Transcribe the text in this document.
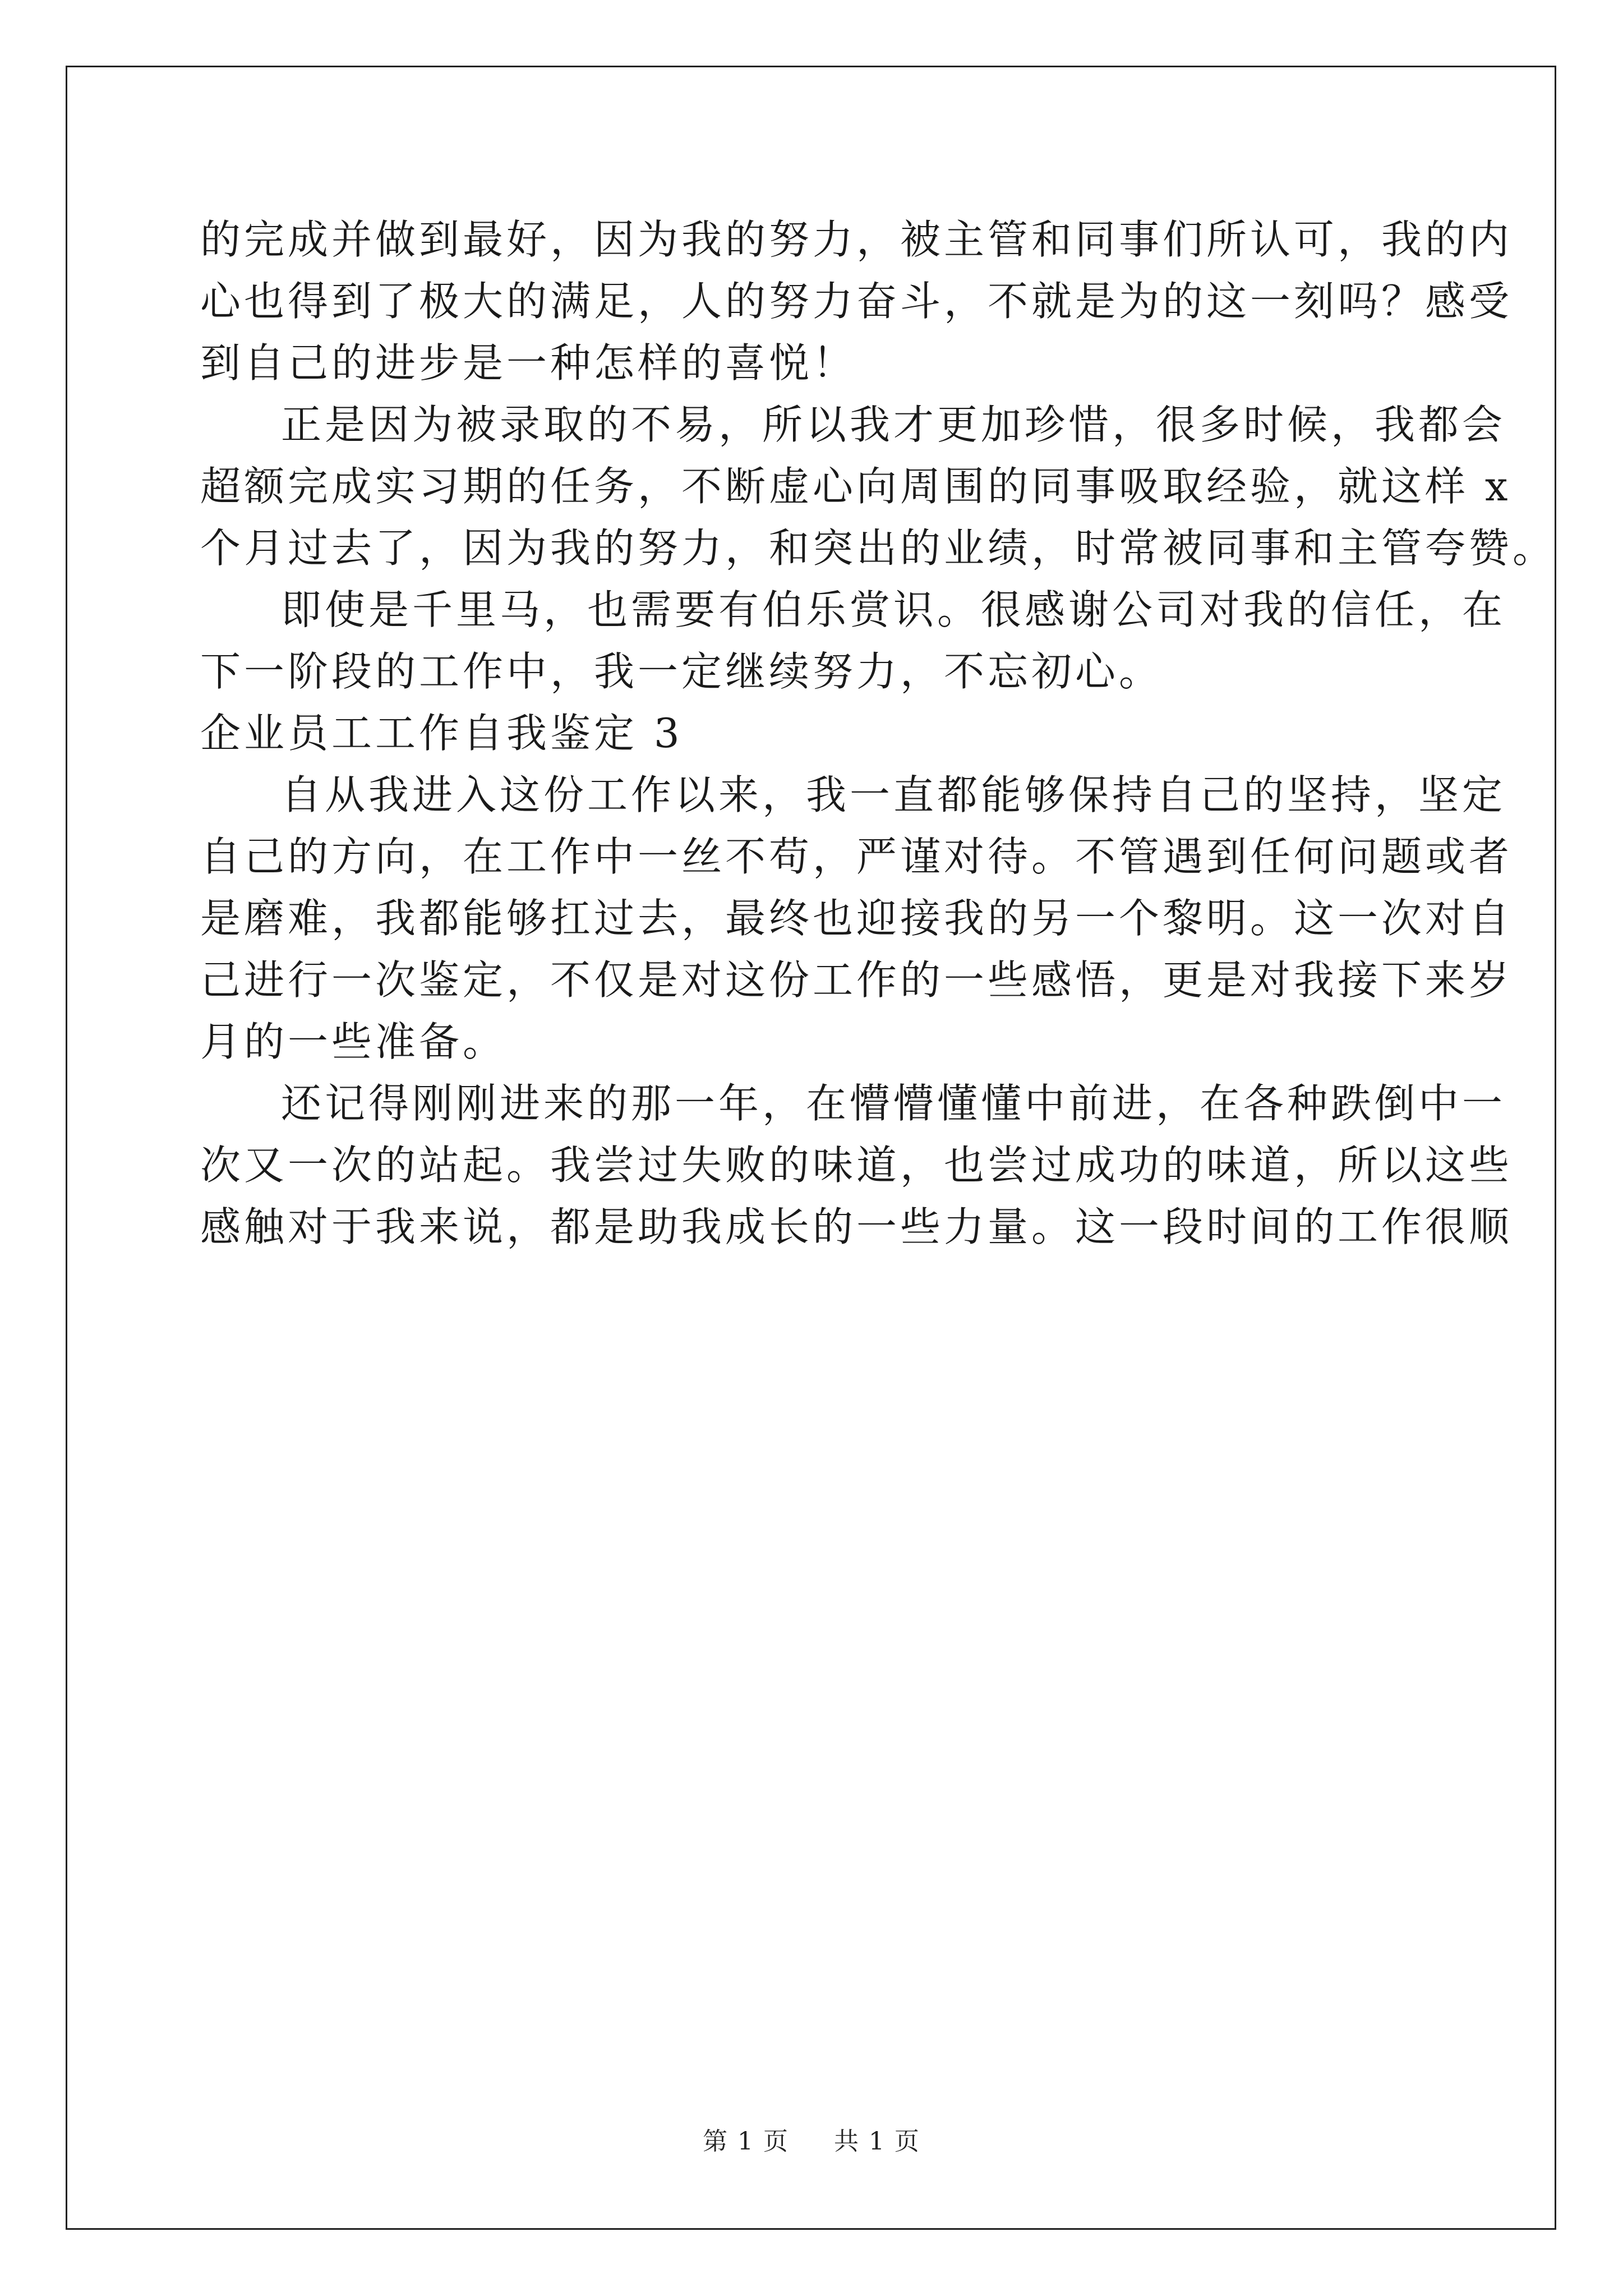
的完成并做到最好，因为我的努力，被主管和同事们所认可，我的内
心也得到了极大的满足，人的努力奋斗，不就是为的这一刻吗？感受
到自己的进步是一种怎样的喜悦！
正是因为被录取的不易，所以我才更加珍惜，很多时候，我都会
超额完成实习期的任务，不断虚心向周围的同事吸取经验，就这样 x
个月过去了，因为我的努力，和突出的业绩，时常被同事和主管夸赞。
即使是千里马，也需要有伯乐赏识。很感谢公司对我的信任，在
下一阶段的工作中，我一定继续努力，不忘初心。
企业员工工作自我鉴定 3
自从我进入这份工作以来，我一直都能够保持自己的坚持，坚定
自己的方向，在工作中一丝不苟，严谨对待。不管遇到任何问题或者
是磨难，我都能够扛过去，最终也迎接我的另一个黎明。这一次对自
己进行一次鉴定，不仅是对这份工作的一些感悟，更是对我接下来岁
月的一些准备。
还记得刚刚进来的那一年，在懵懵懂懂中前进，在各种跌倒中一
次又一次的站起。我尝过失败的味道，也尝过成功的味道，所以这些
感触对于我来说，都是助我成长的一些力量。这一段时间的工作很顺
第 1 页 共 1 页
